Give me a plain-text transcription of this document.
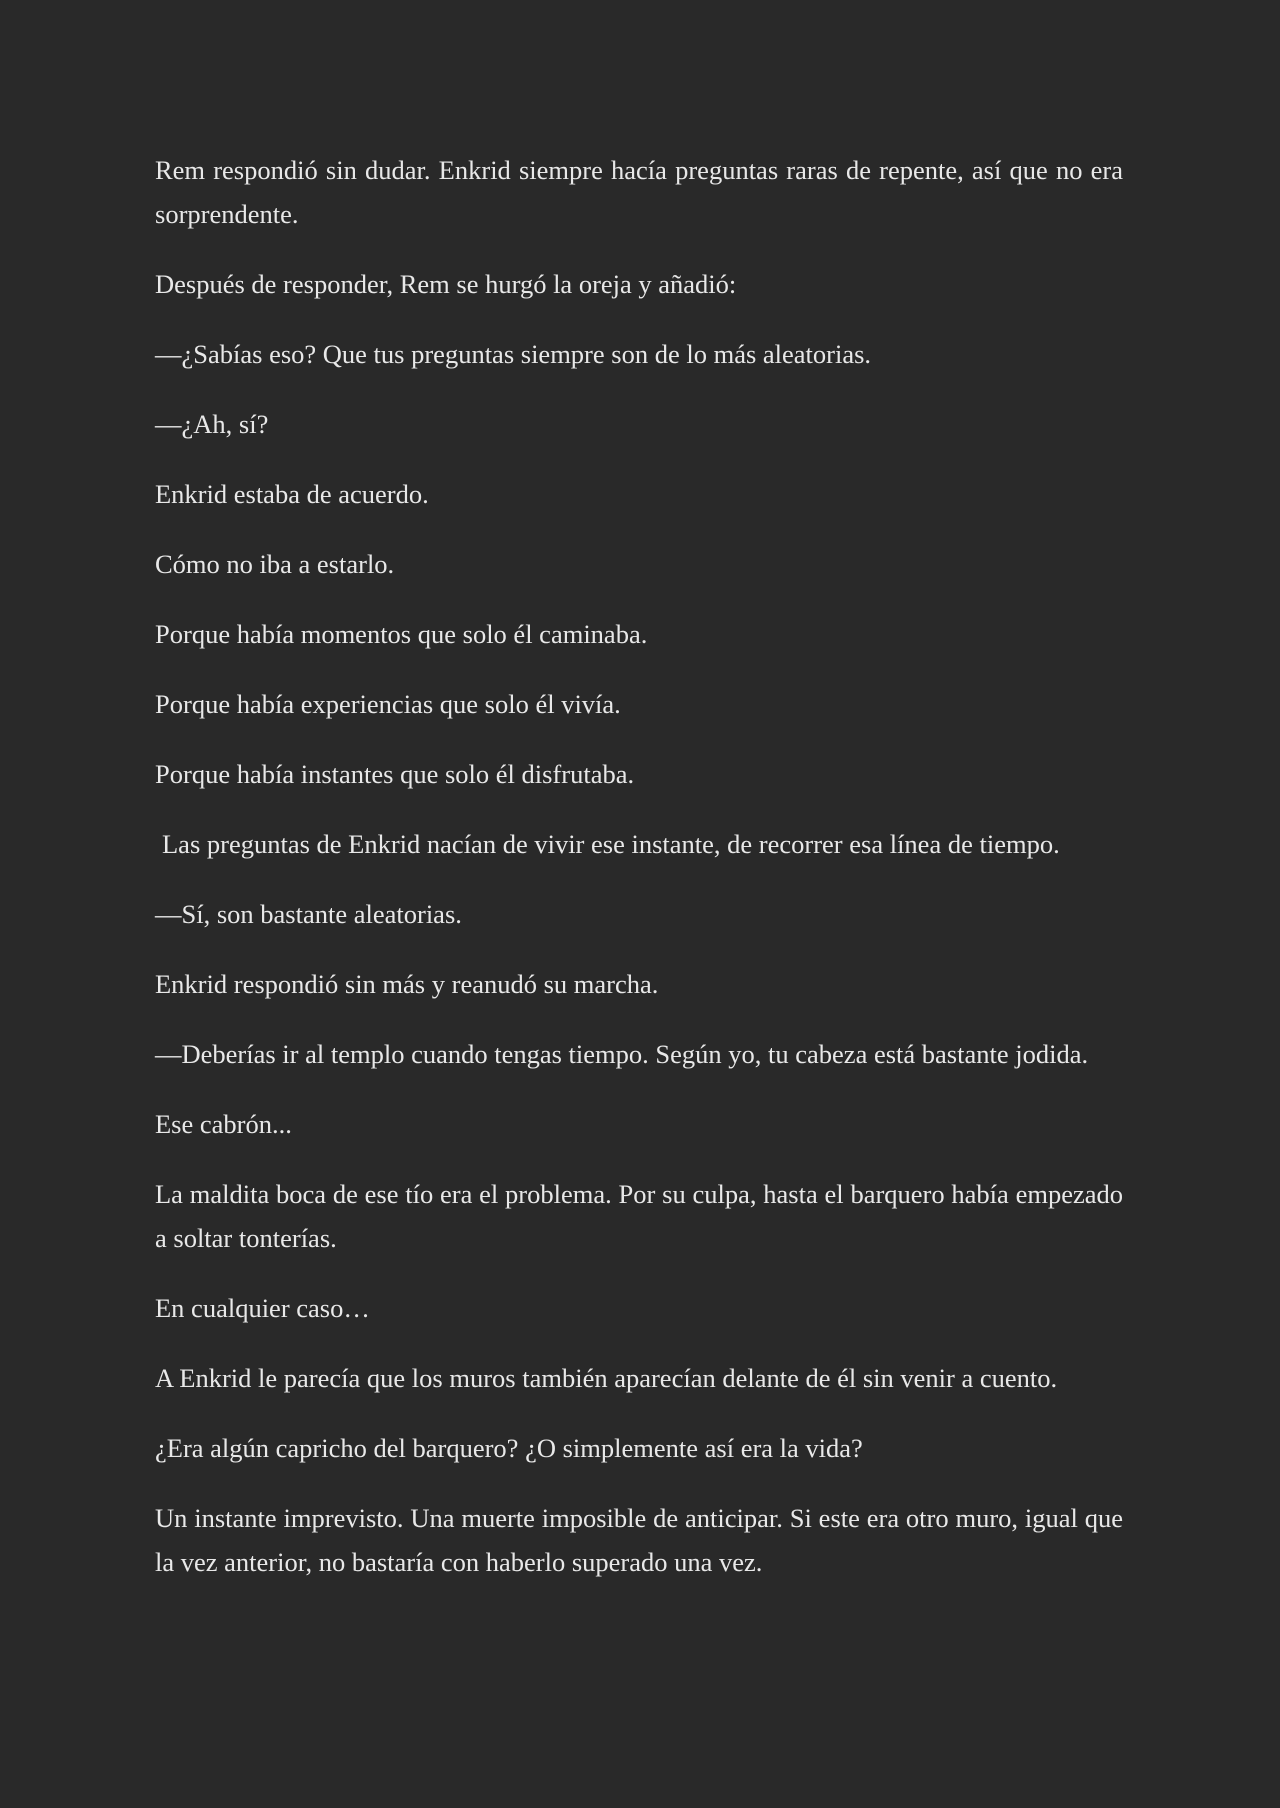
Rem respondió sin dudar. Enkrid siempre hacía preguntas raras de repente, así que no era sorprendente.

Después de responder, Rem se hurgó la oreja y añadió:

—¿Sabías eso? Que tus preguntas siempre son de lo más aleatorias.

—¿Ah, sí?

Enkrid estaba de acuerdo.

Cómo no iba a estarlo.

Porque había momentos que solo él caminaba.

Porque había experiencias que solo él vivía.

Porque había instantes que solo él disfrutaba.

Las preguntas de Enkrid nacían de vivir ese instante, de recorrer esa línea de tiempo.

—Sí, son bastante aleatorias.

Enkrid respondió sin más y reanudó su marcha.

—Deberías ir al templo cuando tengas tiempo. Según yo, tu cabeza está bastante jodida.

Ese cabrón...

La maldita boca de ese tío era el problema. Por su culpa, hasta el barquero había empezado a soltar tonterías.

En cualquier caso…

A Enkrid le parecía que los muros también aparecían delante de él sin venir a cuento.

¿Era algún capricho del barquero? ¿O simplemente así era la vida?

Un instante imprevisto. Una muerte imposible de anticipar. Si este era otro muro, igual que la vez anterior, no bastaría con haberlo superado una vez.
